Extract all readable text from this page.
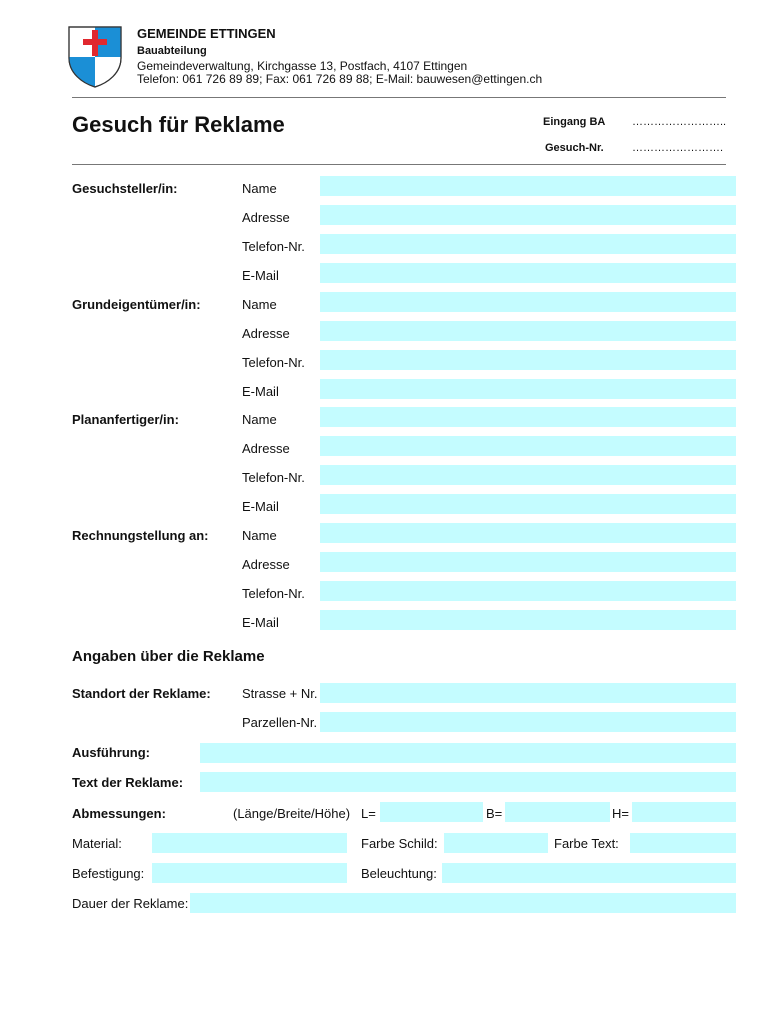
GEMEINDE ETTINGEN
Bauabteilung
Gemeindeverwaltung, Kirchgasse 13, Postfach, 4107 Ettingen
Telefon: 061 726 89 89; Fax: 061 726 89 88; E-Mail: bauwesen@ettingen.ch
Gesuch für Reklame	Eingang BA ……………………..
Gesuch-Nr.	…………………….
Gesuchsteller/in:	Name
Adresse
Telefon-Nr.
E-Mail
Grundeigentümer/in:	Name
Adresse
Telefon-Nr.
E-Mail
Plananfertiger/in:	Name
Adresse
Telefon-Nr.
E-Mail
Rechnungstellung an:	Name
Adresse
Telefon-Nr.
E-Mail
Angaben über die Reklame
Standort der Reklame: Strasse + Nr.
Parzellen-Nr.
Ausführung:
Text der Reklame:
Abmessungen:	(Länge/Breite/Höhe) L=	B=	H=
Material:	Farbe Schild:	Farbe Text:
Befestigung:	Beleuchtung:
Dauer der Reklame:
